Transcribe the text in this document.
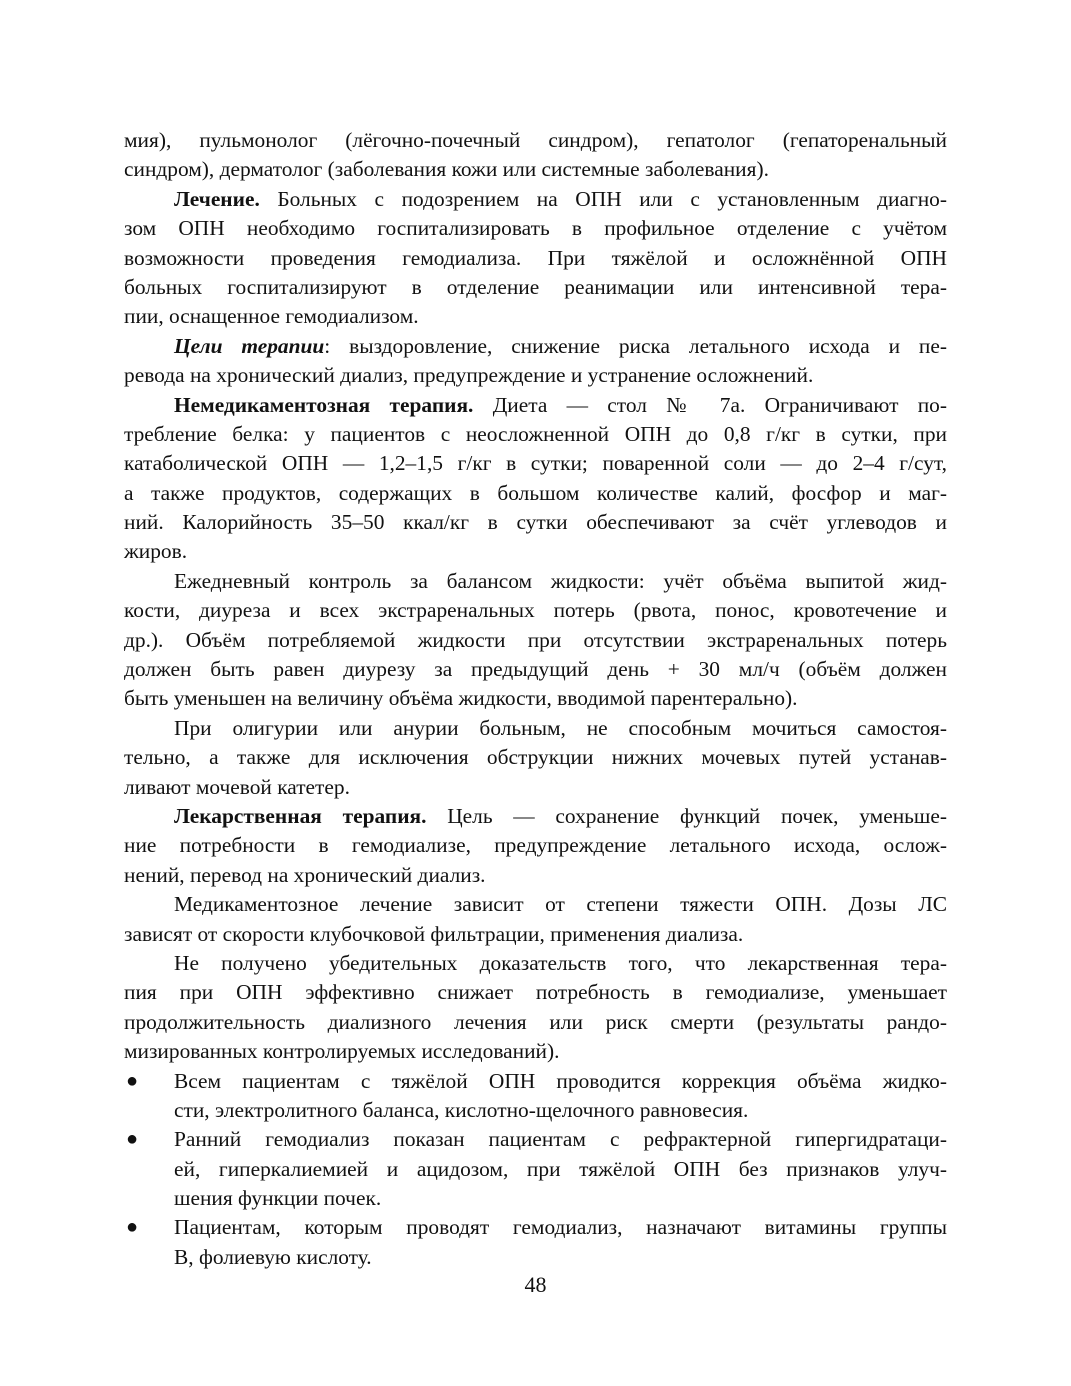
мия), пульмонолог (лёгочно-почечный синдром), гепатолог (гепаторенальный
синдром), дерматолог (заболевания кожи или системные заболевания).
Лечение. Больных с подозрением на ОПН или с установленным диагно-
зом ОПН необходимо госпитализировать в профильное отделение с учётом
возможности проведения гемодиализа. При тяжёлой и осложнённой ОПН
больных госпитализируют в отделение реанимации или интенсивной тера-
пии, оснащенное гемодиализом.
Цели терапии: выздоровление, снижение риска летального исхода и пе-
ревода на хронический диализ, предупреждение и устранение осложнений.
Немедикаментозная терапия. Диета — стол № 7а. Ограничивают по-
требление белка: у пациентов с неосложненной ОПН до 0,8 г/кг в сутки, при
катаболической ОПН — 1,2–1,5 г/кг в сутки; поваренной соли — до 2–4 г/сут,
а также продуктов, содержащих в большом количестве калий, фосфор и маг-
ний. Калорийность 35–50 ккал/кг в сутки обеспечивают за счёт углеводов и
жиров.
Ежедневный контроль за балансом жидкости: учёт объёма выпитой жид-
кости, диуреза и всех экстраренальных потерь (рвота, понос, кровотечение и
др.). Объём потребляемой жидкости при отсутствии экстраренальных потерь
должен быть равен диурезу за предыдущий день + 30 мл/ч (объём должен
быть уменьшен на величину объёма жидкости, вводимой парентерально).
При олигурии или анурии больным, не способным мочиться самостоя-
тельно, а также для исключения обструкции нижних мочевых путей устанав-
ливают мочевой катетер.
Лекарственная терапия. Цель — сохранение функций почек, уменьше-
ние потребности в гемодиализе, предупреждение летального исхода, ослож-
нений, перевод на хронический диализ.
Медикаментозное лечение зависит от степени тяжести ОПН. Дозы ЛС
зависят от скорости клубочковой фильтрации, применения диализа.
Не получено убедительных доказательств того, что лекарственная тера-
пия при ОПН эффективно снижает потребность в гемодиализе, уменьшает
продолжительность диализного лечения или риск смерти (результаты рандо-
мизированных контролируемых исследований).
● Всем пациентам с тяжёлой ОПН проводится коррекция объёма жидко-
сти, электролитного баланса, кислотно-щелочного равновесия.
● Ранний гемодиализ показан пациентам с рефрактерной гипергидратаци-
ей, гиперкалиемией и ацидозом, при тяжёлой ОПН без признаков улуч-
шения функции почек.
● Пациентам, которым проводят гемодиализ, назначают витамины группы
В, фолиевую кислоту.
48
